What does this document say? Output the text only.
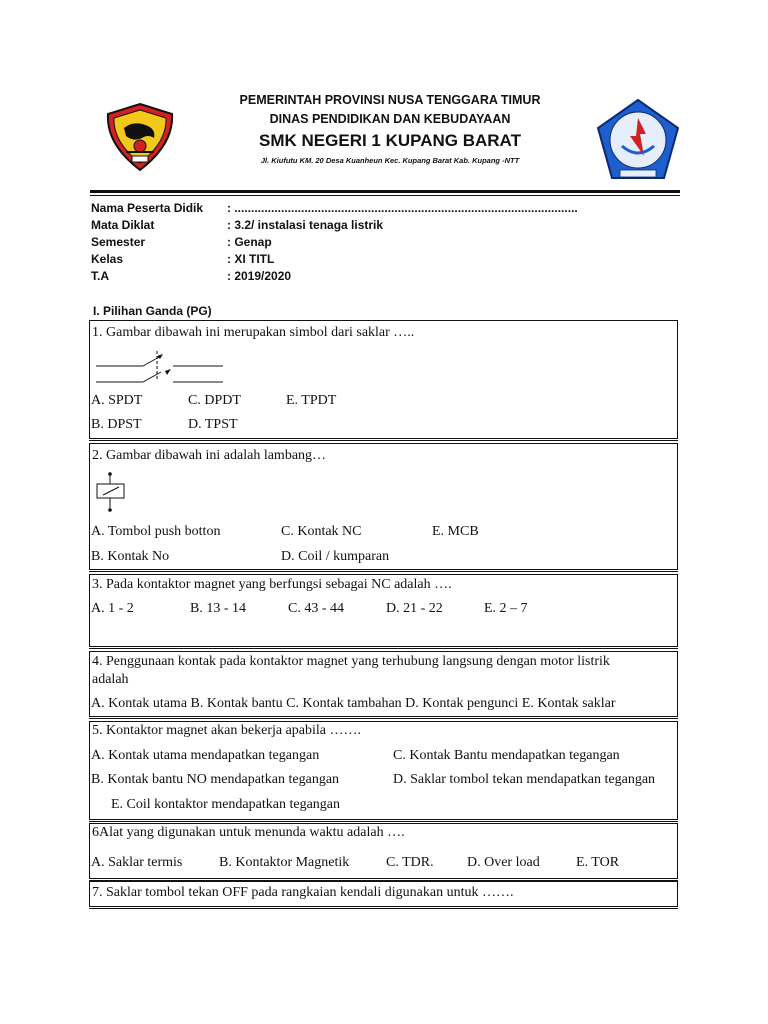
PEMERINTAH PROVINSI NUSA TENGGARA TIMUR
DINAS PENDIDIKAN DAN KEBUDAYAAN
SMK NEGERI 1 KUPANG BARAT
Jl. Kiufutu KM. 20 Desa Kuanheun Kec. Kupang Barat Kab. Kupang -NTT
Nama Peserta Didik : .......................................................................................................
Mata Diklat	: 3.2/ instalasi tenaga listrik
Semester	: Genap
Kelas	: XI TITL
T.A	: 2019/2020
I. Pilihan Ganda (PG)
1. Gambar dibawah ini merupakan simbol dari saklar …..
A. SPDT	C. DPDT	E. TPDT
B. DPST	D. TPST
2. Gambar dibawah ini adalah lambang…
A. Tombol push botton	C. Kontak NC	E. MCB
B. Kontak No	D. Coil / kumparan
3. Pada kontaktor magnet yang berfungsi sebagai NC adalah ….
A. 1 - 2	B. 13 - 14	C. 43 - 44	D. 21 - 22	E. 2 – 7
4. Penggunaan kontak pada kontaktor magnet yang terhubung langsung dengan motor listrik
adalah
A. Kontak utama B. Kontak bantu C. Kontak tambahan D. Kontak pengunci E. Kontak saklar
5. Kontaktor magnet akan bekerja apabila …….
A. Kontak utama mendapatkan tegangan	C. Kontak Bantu mendapatkan tegangan
B. Kontak bantu NO mendapatkan tegangan	D. Saklar tombol tekan mendapatkan tegangan
E. Coil kontaktor mendapatkan tegangan
6Alat yang digunakan untuk menunda waktu adalah ….
A. Saklar termis	B. Kontaktor Magnetik	C. TDR. D. Over load	E. TOR
7. Saklar tombol tekan OFF pada rangkaian kendali digunakan untuk …….
